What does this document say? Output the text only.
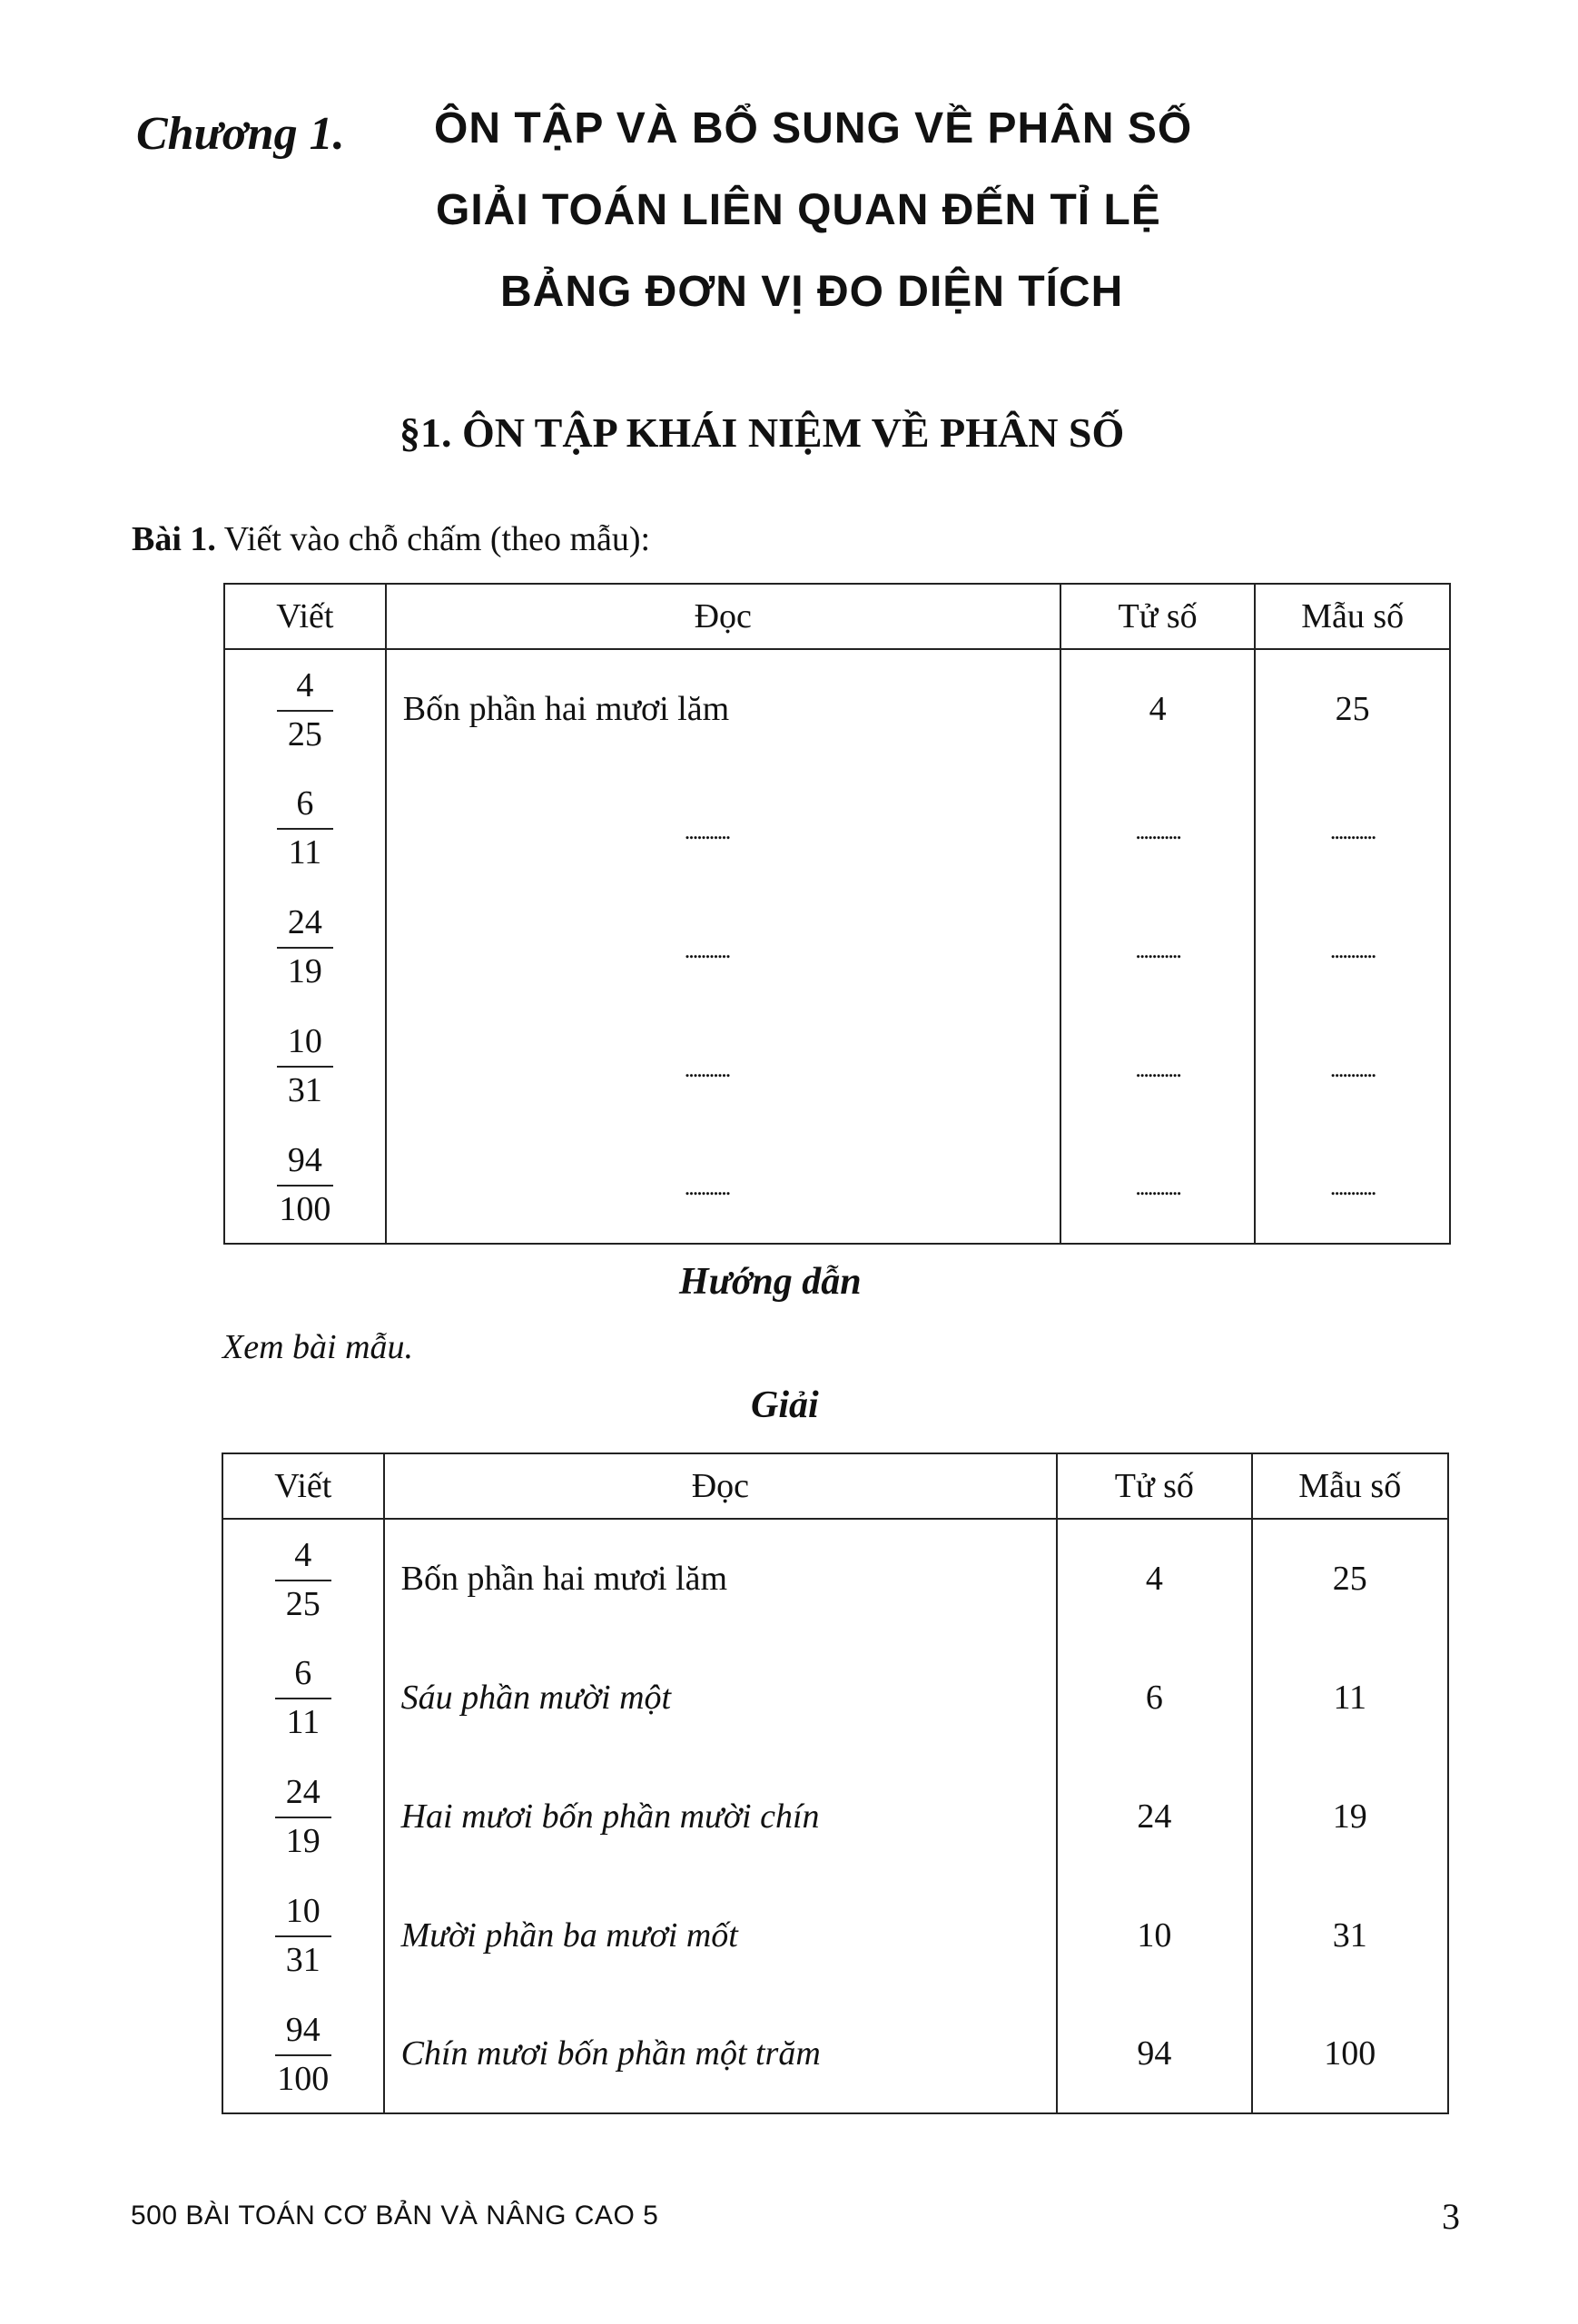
Chương 1. ÔN TẬP VÀ BỔ SUNG VỀ PHÂN SỐ
GIẢI TOÁN LIÊN QUAN ĐẾN TỈ LỆ
BẢNG ĐƠN VỊ ĐO DIỆN TÍCH
§1. ÔN TẬP KHÁI NIỆM VỀ PHÂN SỐ
Bài 1. Viết vào chỗ chấm (theo mẫu):
Viết	Đọc	Tử số	Mẫu số

$\frac{4}{25}$	Bốn phần hai mươi lăm	4	25

$\frac{6}{11}$	...........	...........	...........

$\frac{24}{19}$	...........	...........	...........

$\frac{10}{31}$	...........	...........	...........

$\frac{94}{100}$	...........	...........	...........
Hướng dẫn
Xem bài mẫu.
Giải
Viết	Đọc	Tử số	Mẫu số

$\frac{4}{25}$	Bốn phần hai mươi lăm	4	25

$\frac{6}{11}$	Sáu phần mười một	6	11

$\frac{24}{19}$	Hai mươi bốn phần mười chín	24	19

$\frac{10}{31}$	Mười phần ba mươi mốt	10	31

$\frac{94}{100}$	Chín mươi bốn phần một trăm	94	100
500 BÀI TOÁN CƠ BẢN VÀ NÂNG CAO 5	3
